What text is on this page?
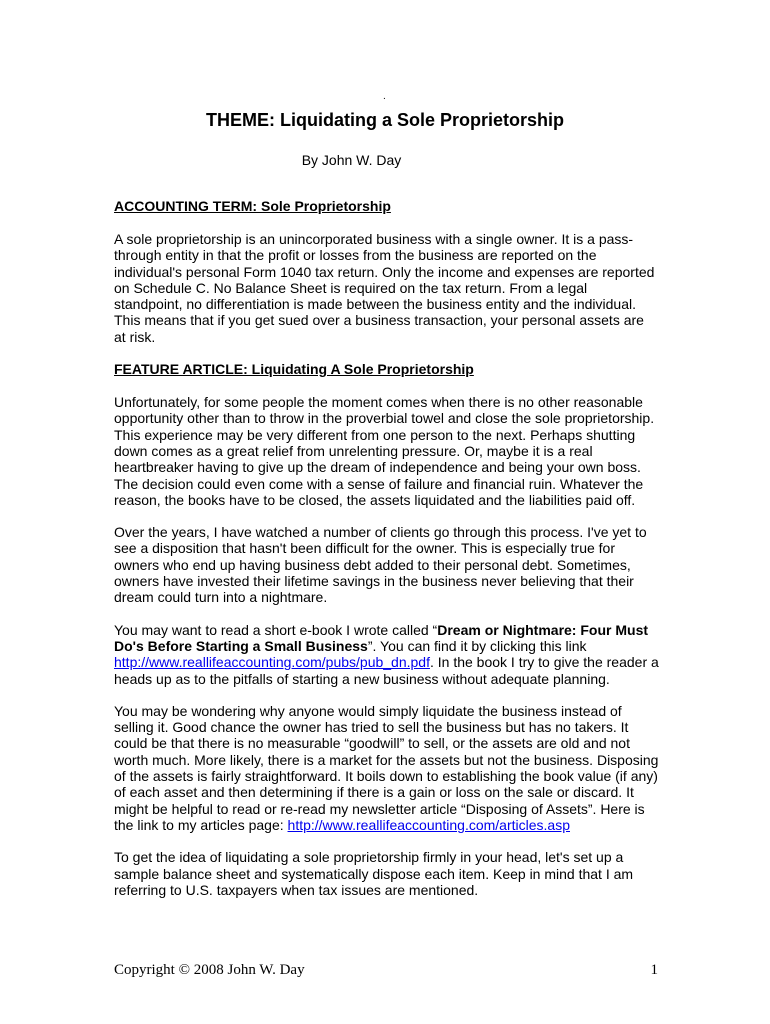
.
THEME: Liquidating a Sole Proprietorship
By John W. Day
ACCOUNTING TERM: Sole Proprietorship

A sole proprietorship is an unincorporated business with a single owner. It is a pass-through entity in that the profit or losses from the business are reported on the individual's personal Form 1040 tax return. Only the income and expenses are reported on Schedule C. No Balance Sheet is required on the tax return. From a legal standpoint, no differentiation is made between the business entity and the individual. This means that if you get sued over a business transaction, your personal assets are at risk.

FEATURE ARTICLE: Liquidating A Sole Proprietorship

Unfortunately, for some people the moment comes when there is no other reasonable opportunity other than to throw in the proverbial towel and close the sole proprietorship. This experience may be very different from one person to the next. Perhaps shutting down comes as a great relief from unrelenting pressure. Or, maybe it is a real heartbreaker having to give up the dream of independence and being your own boss. The decision could even come with a sense of failure and financial ruin. Whatever the reason, the books have to be closed, the assets liquidated and the liabilities paid off.

Over the years, I have watched a number of clients go through this process. I've yet to see a disposition that hasn't been difficult for the owner. This is especially true for owners who end up having business debt added to their personal debt. Sometimes, owners have invested their lifetime savings in the business never believing that their dream could turn into a nightmare.

You may want to read a short e-book I wrote called “Dream or Nightmare: Four Must Do's Before Starting a Small Business”. You can find it by clicking this link http://www.reallifeaccounting.com/pubs/pub_dn.pdf. In the book I try to give the reader a heads up as to the pitfalls of starting a new business without adequate planning.

You may be wondering why anyone would simply liquidate the business instead of selling it. Good chance the owner has tried to sell the business but has no takers. It could be that there is no measurable “goodwill” to sell, or the assets are old and not worth much. More likely, there is a market for the assets but not the business. Disposing of the assets is fairly straightforward. It boils down to establishing the book value (if any) of each asset and then determining if there is a gain or loss on the sale or discard. It might be helpful to read or re-read my newsletter article “Disposing of Assets”. Here is the link to my articles page: http://www.reallifeaccounting.com/articles.asp

To get the idea of liquidating a sole proprietorship firmly in your head, let's set up a sample balance sheet and systematically dispose each item. Keep in mind that I am referring to U.S. taxpayers when tax issues are mentioned.

Copyright © 2008 John W. Day	1
